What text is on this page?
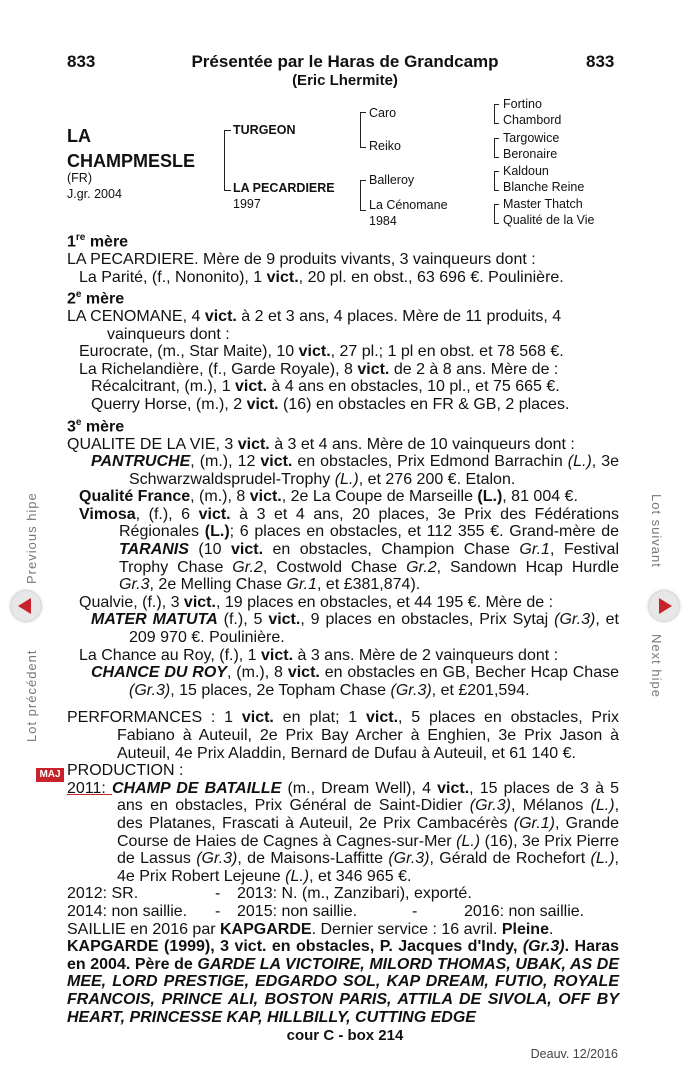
833	Présentée par le Haras de Grandcamp	833
(Eric Lhermite)
LA
CHAMPMESLE
(FR)
J.gr. 2004
TURGEON
LA PECARDIERE
1997
Caro
Reiko
Balleroy
La Cénomane
1984
Fortino
Chambord
Targowice
Beronaire
Kaldoun
Blanche Reine
Master Thatch
Qualité de la Vie
Lot précédent
Previous hipe	Lot suivant
Next hipe
MAJ

1re mère

LA PECARDIERE. Mère de 9 produits vivants, 3 vainqueurs dont :

La Parité, (f., Nononito), 1 vict., 20 pl. en obst., 63 696 €. Poulinière.

2e mère

LA CENOMANE, 4 vict. à 2 et 3 ans, 4 places. Mère de 11 produits, 4 vainqueurs dont :

Eurocrate, (m., Star Maite), 10 vict., 27 pl.; 1 pl en obst. et 78 568 €.

La Richelandière, (f., Garde Royale), 8 vict. de 2 à 8 ans. Mère de :

Récalcitrant, (m.), 1 vict. à 4 ans en obstacles, 10 pl., et 75 665 €.

Querry Horse, (m.), 2 vict. (16) en obstacles en FR & GB, 2 places.

3e mère

QUALITE DE LA VIE, 3 vict. à 3 et 4 ans. Mère de 10 vainqueurs dont :

PANTRUCHE, (m.), 12 vict. en obstacles, Prix Edmond Barrachin (L.), 3e Schwarzwaldsprudel-Trophy (L.), et 276 200 €. Etalon.

Qualité France, (m.), 8 vict., 2e La Coupe de Marseille (L.), 81 004 €.

Vimosa, (f.), 6 vict. à 3 et 4 ans, 20 places, 3e Prix des Fédérations Régionales (L.); 6 places en obstacles, et 112 355 €. Grand-mère de TARANIS (10 vict. en obstacles, Champion Chase Gr.1, Festival Trophy Chase Gr.2, Costwold Chase Gr.2, Sandown Hcap Hurdle Gr.3, 2e Melling Chase Gr.1, et £381,874).

Qualvie, (f.), 3 vict., 19 places en obstacles, et 44 195 €. Mère de :

MATER MATUTA (f.), 5 vict., 9 places en obstacles, Prix Sytaj (Gr.3), et 209 970 €. Poulinière.

La Chance au Roy, (f.), 1 vict. à 3 ans. Mère de 2 vainqueurs dont :

CHANCE DU ROY, (m.), 8 vict. en obstacles en GB, Becher Hcap Chase (Gr.3), 15 places, 2e Topham Chase (Gr.3), et £201,594.

PERFORMANCES : 1 vict. en plat; 1 vict., 5 places en obstacles, Prix Fabiano à Auteuil, 2e Prix Bay Archer à Enghien, 3e Prix Jason à Auteuil, 4e Prix Aladdin, Bernard de Dufau à Auteuil, et 61 140 €.

PRODUCTION :

2011: CHAMP DE BATAILLE (m., Dream Well), 4 vict., 15 places de 3 à 5 ans en obstacles, Prix Général de Saint-Didier (Gr.3), Mélanos (L.), des Platanes, Frascati à Auteuil, 2e Prix Cambacérès (Gr.1), Grande Course de Haies de Cagnes à Cagnes-sur-Mer (L.) (16), 3e Prix Pierre de Lassus (Gr.3), de Maisons-Laffitte (Gr.3), Gérald de Rochefort (L.), 4e Prix Robert Lejeune (L.), et 346 965 €.

2012: SR.	- 2013: N. (m., Zanzibari), exporté.

2014: non saillie. - 2015: non saillie.	-	2016: non saillie.

SAILLIE en 2016 par KAPGARDE. Dernier service : 16 avril. Pleine.

KAPGARDE (1999), 3 vict. en obstacles, P. Jacques d'Indy, (Gr.3). Haras en 2004. Père de GARDE LA VICTOIRE, MILORD THOMAS, UBAK, AS DE MEE, LORD PRESTIGE, EDGARDO SOL, KAP DREAM, FUTIO, ROYALE FRANCOIS, PRINCE ALI, BOSTON PARIS, ATTILA DE SIVOLA, OFF BY HEART, PRINCESSE KAP, HILLBILLY, CUTTING EDGE

cour C - box 214
Deauv. 12/2016
